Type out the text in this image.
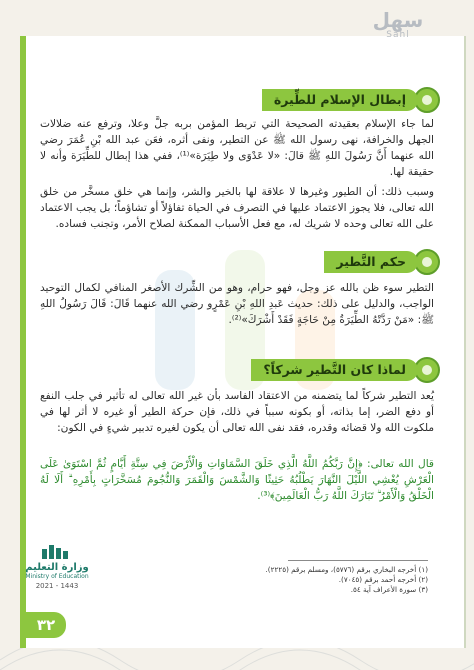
سهل
Sahl
إبطال الإسلام للطِّيرة
لما جاء الإسلام بعقيدته الصحيحة التي تربط المؤمن بربه جلَّ وعلا، وترفع عنه ضلالات الجهل والخرافة، نهى رسول الله ﷺ عن التطير، ونفى أثره، فعَن عبد الله بْنِ عُمَرَ رضي الله عنهما أَنَّ رَسُولَ اللهِ ﷺ قالَ: «لا عَدْوَى ولا طِيَرَة»⁽¹⁾، ففي هذا إبطال للطِّيَرَة وأنه لا حقيقة لها.
وسبب ذلك: أن الطيور وغيرها لا علاقة لها بالخير والشر، وإنما هي خلق مسخَّر من خلق الله تعالى، فلا يجوز الاعتماد عليها في التصرف في الحياة تفاؤلاً أو تشاؤماً؛ بل يجب الاعتماد على الله تعالى وحده لا شريك له، مع فعل الأسباب الممكنة لصلاح الأمر، وتجنب فساده.
حكم التَّطير
التطير سوء ظن بالله عز وجل، فهو حرام، وهو من الشِّرك الأصغر المنافي لكمال التوحيد الواجب، والدليل على ذلك: حديث عَبدِ اللهِ بْنِ عَمْرٍو رضي الله عنهما قَالَ: قَالَ رَسُولُ اللهِ ﷺ: «مَنْ رَدَّتْهُ الطِّيَرَةُ مِنْ حَاجَةٍ فَقَدْ أَشْرَكَ»⁽²⁾.
لماذا كان التَّطير شركاً؟
يُعد التطير شركاً لما يتضمنه من الاعتقاد الفاسد بأن غير الله تعالى له تأثير في جلب النفع أو دفع الضر، إما بذاته، أو بكونه سبباً في ذلك، فإن حركة الطير أو غيره لا أثر لها في ملكوت الله ولا قضائه وقدره، فقد نفى الله تعالى أن يكون لغيره تدبير شيءٍ في الكون:
قال الله تعالى: ﴿إِنَّ رَبَّكُمُ اللَّهُ الَّذِي خَلَقَ السَّمَاوَاتِ وَالْأَرْضَ فِي سِتَّةِ أَيَّامٍ ثُمَّ اسْتَوَىٰ عَلَى الْعَرْشِ يُغْشِي اللَّيْلَ النَّهَارَ يَطْلُبُهُ حَثِيثًا وَالشَّمْسَ وَالْقَمَرَ وَالنُّجُومَ مُسَخَّرَاتٍ بِأَمْرِهِ ۗ أَلَا لَهُ الْخَلْقُ وَالْأَمْرُ ۗ تَبَارَكَ اللَّهُ رَبُّ الْعَالَمِينَ﴾⁽³⁾.
(١) أخرجه البخاري برقم (٥٧٧٦)، ومسلم برقم (٢٢٢٥).
(٢) أخرجه أحمد برقم (٧٠٤٥).
(٣) سورة الأعراف آية ٥٤.
وزارة التعليم
Ministry of Education
2021 - 1443
٣٢
